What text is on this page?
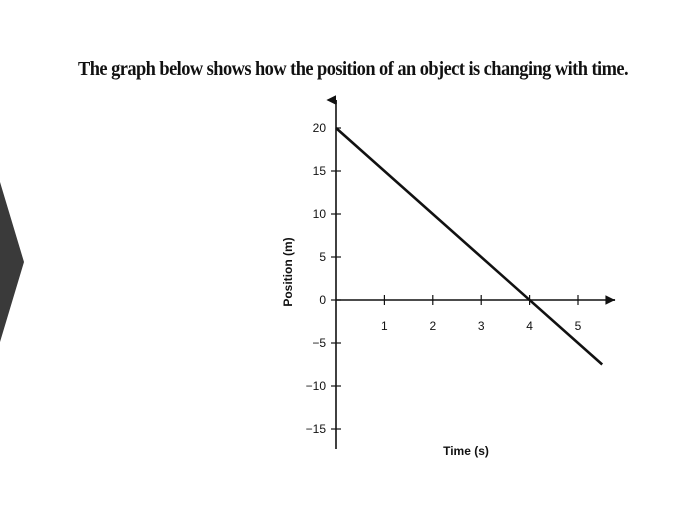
The graph below shows how the position of an object is changing with time.
20
15
10
5
0
−5
−10
−15
1	2	3	4	5
Time (s)
Position (m)
